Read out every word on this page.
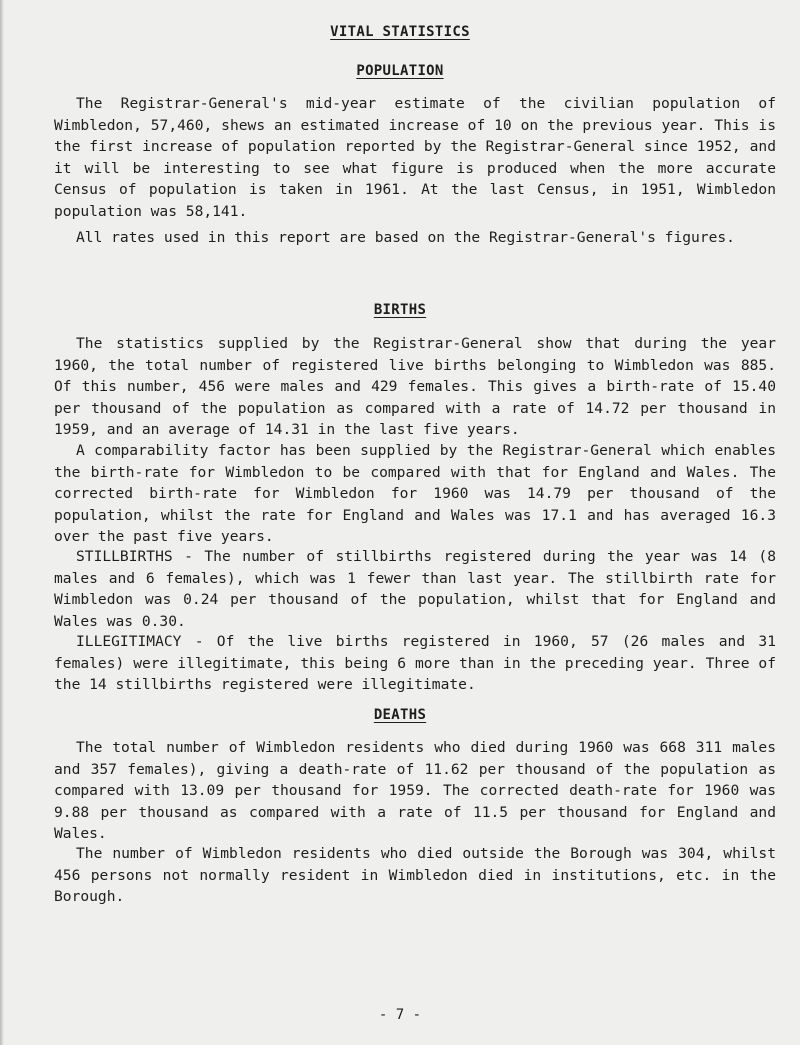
VITAL STATISTICS
POPULATION

The Registrar-General's mid-year estimate of the civilian population of Wimbledon, 57,460, shews an estimated increase of 10 on the previous year. This is the first increase of population reported by the Registrar-General since 1952, and it will be interesting to see what figure is produced when the more accurate Census of population is taken in 1961. At the last Census, in 1951, Wimbledon population was 58,141.

All rates used in this report are based on the Registrar-General's figures.

BIRTHS

The statistics supplied by the Registrar-General show that during the year 1960, the total number of registered live births belonging to Wimbledon was 885. Of this number, 456 were males and 429 females. This gives a birth-rate of 15.40 per thousand of the population as compared with a rate of 14.72 per thousand in 1959, and an average of 14.31 in the last five years.

A comparability factor has been supplied by the Registrar-General which enables the birth-rate for Wimbledon to be compared with that for England and Wales. The corrected birth-rate for Wimbledon for 1960 was 14.79 per thousand of the population, whilst the rate for England and Wales was 17.1 and has averaged 16.3 over the past five years.

STILLBIRTHS - The number of stillbirths registered during the year was 14 (8 males and 6 females), which was 1 fewer than last year. The stillbirth rate for Wimbledon was 0.24 per thousand of the population, whilst that for England and Wales was 0.30.

ILLEGITIMACY - Of the live births registered in 1960, 57 (26 males and 31 females) were illegitimate, this being 6 more than in the preceding year. Three of the 14 stillbirths registered were illegitimate.

DEATHS

The total number of Wimbledon residents who died during 1960 was 668 311 males and 357 females), giving a death-rate of 11.62 per thousand of the population as compared with 13.09 per thousand for 1959. The corrected death-rate for 1960 was 9.88 per thousand as compared with a rate of 11.5 per thousand for England and Wales.

The number of Wimbledon residents who died outside the Borough was 304, whilst 456 persons not normally resident in Wimbledon died in institutions, etc. in the Borough.

- 7 -
